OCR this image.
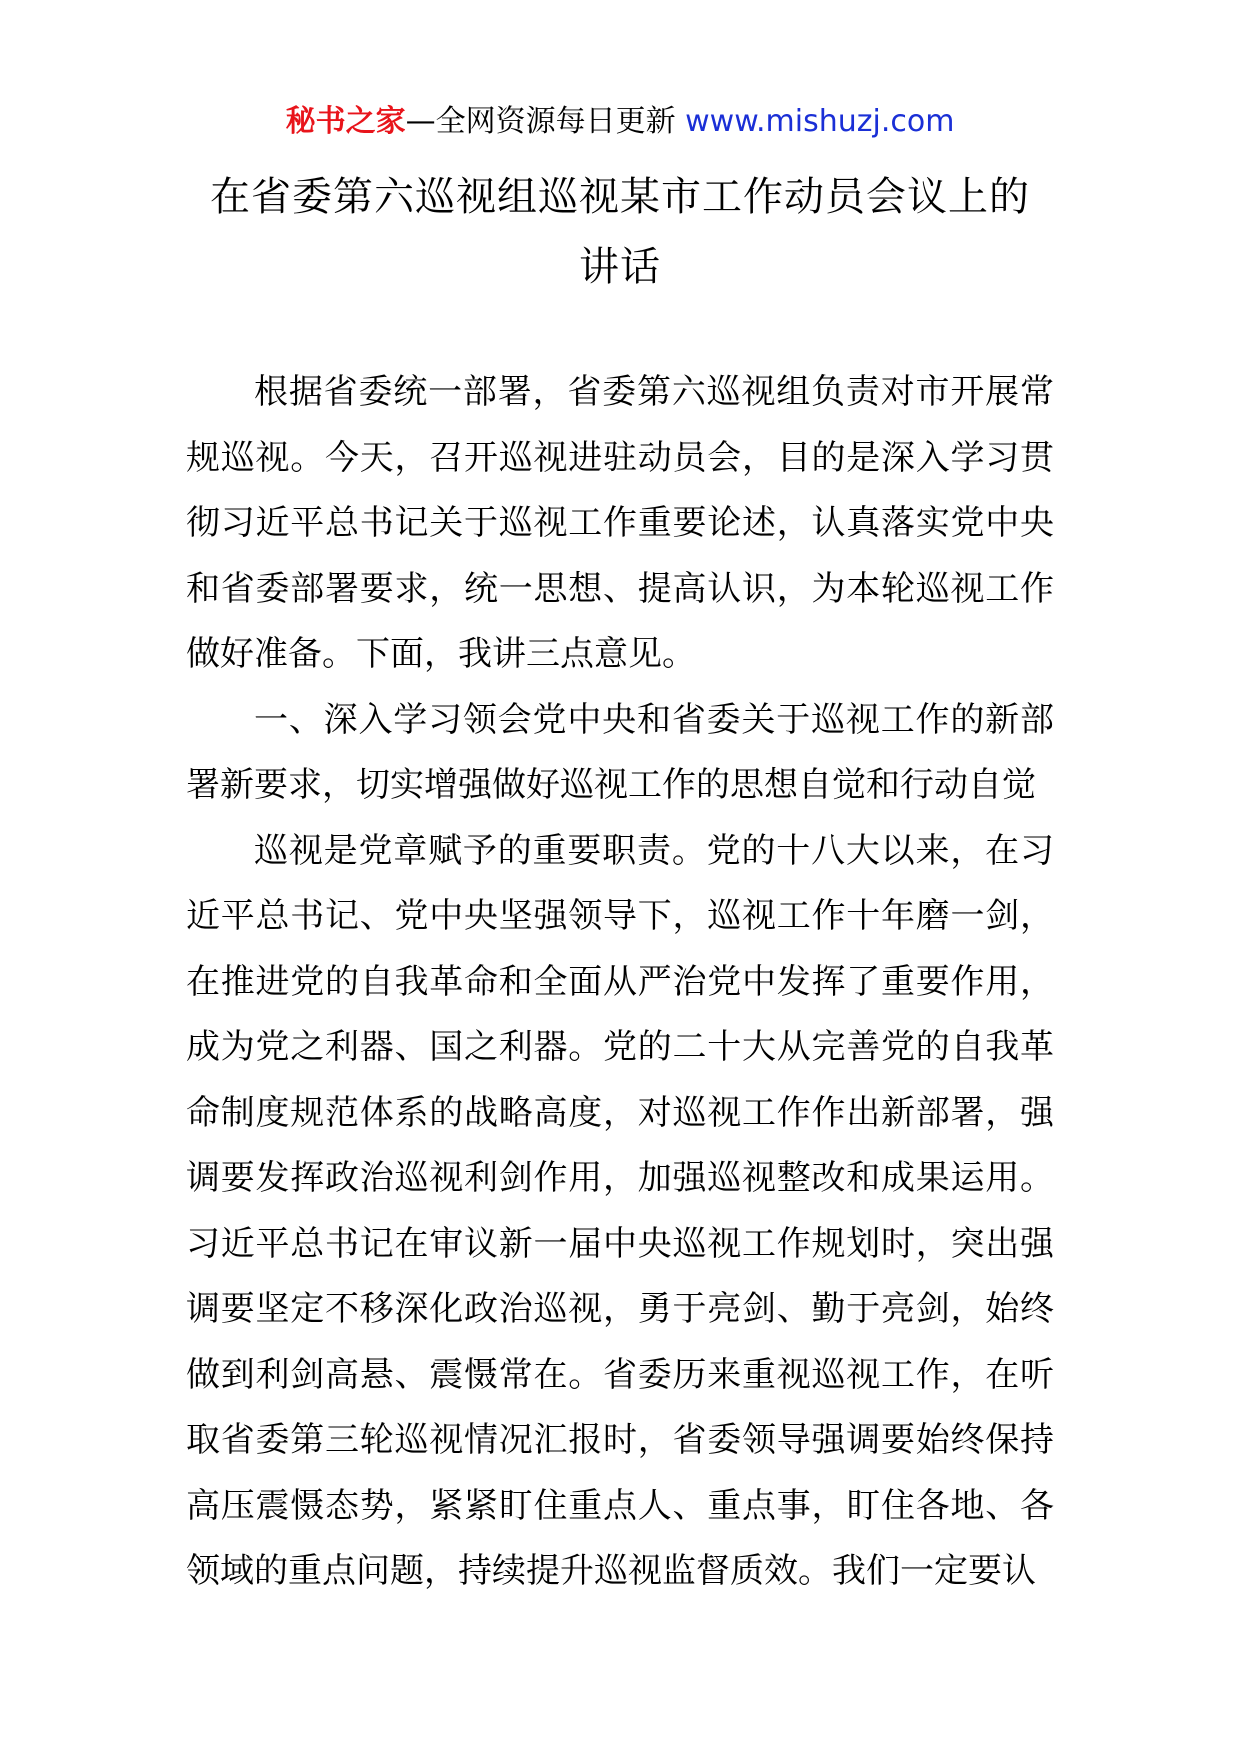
秘书之家—全网资源每日更新 www.mishuzj.com
在省委第六巡视组巡视某市工作动员会议上的
讲话

根据省委统一部署，省委第六巡视组负责对市开展常规巡视。今天，召开巡视进驻动员会，目的是深入学习贯彻习近平总书记关于巡视工作重要论述，认真落实党中央和省委部署要求，统一思想、提高认识，为本轮巡视工作做好准备。下面，我讲三点意见。

一、深入学习领会党中央和省委关于巡视工作的新部署新要求，切实增强做好巡视工作的思想自觉和行动自觉

巡视是党章赋予的重要职责。党的十八大以来，在习近平总书记、党中央坚强领导下，巡视工作十年磨一剑，在推进党的自我革命和全面从严治党中发挥了重要作用，成为党之利器、国之利器。党的二十大从完善党的自我革命制度规范体系的战略高度，对巡视工作作出新部署，强调要发挥政治巡视利剑作用，加强巡视整改和成果运用。习近平总书记在审议新一届中央巡视工作规划时，突出强调要坚定不移深化政治巡视，勇于亮剑、勤于亮剑，始终做到利剑高悬、震慑常在。省委历来重视巡视工作，在听取省委第三轮巡视情况汇报时，省委领导强调要始终保持高压震慑态势，紧紧盯住重点人、重点事，盯住各地、各领域的重点问题，持续提升巡视监督质效。我们一定要认
